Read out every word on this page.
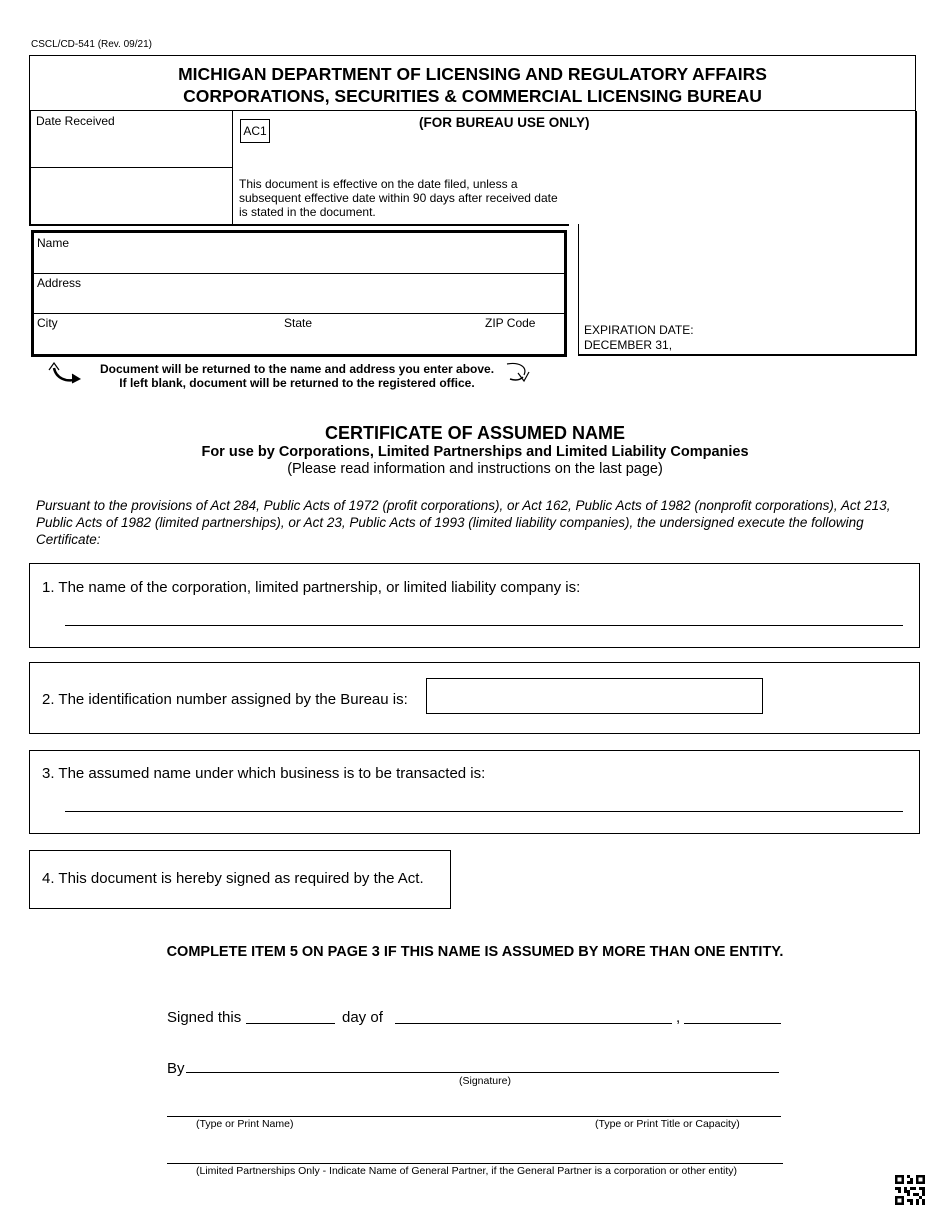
CSCL/CD-541 (Rev. 09/21)
MICHIGAN DEPARTMENT OF LICENSING AND REGULATORY AFFAIRS
CORPORATIONS, SECURITIES & COMMERCIAL LICENSING BUREAU
Date Received
AC1
(FOR BUREAU USE ONLY)
This document is effective on the date filed, unless a subsequent effective date within 90 days after received date is stated in the document.
EXPIRATION DATE:
DECEMBER 31,
Name
Address
City	State	ZIP Code
Document will be returned to the name and address you enter above.
If left blank, document will be returned to the registered office.
CERTIFICATE OF ASSUMED NAME
For use by Corporations, Limited Partnerships and Limited Liability Companies
(Please read information and instructions on the last page)
Pursuant to the provisions of Act 284, Public Acts of 1972 (profit corporations), or Act 162, Public Acts of 1982 (nonprofit corporations), Act 213, Public Acts of 1982 (limited partnerships), or Act 23, Public Acts of 1993 (limited liability companies), the undersigned execute the following Certificate:
1. The name of the corporation, limited partnership, or limited liability company is:
2. The identification number assigned by the Bureau is:
3. The assumed name under which business is to be transacted is:
4. This document is hereby signed as required by the Act.
COMPLETE ITEM 5 ON PAGE 3 IF THIS NAME IS ASSUMED BY MORE THAN ONE ENTITY.
Signed this	day of	,
By
(Signature)
(Type or Print Name)	(Type or Print Title or Capacity)
(Limited Partnerships Only - Indicate Name of General Partner, if the General Partner is a corporation or other entity)
